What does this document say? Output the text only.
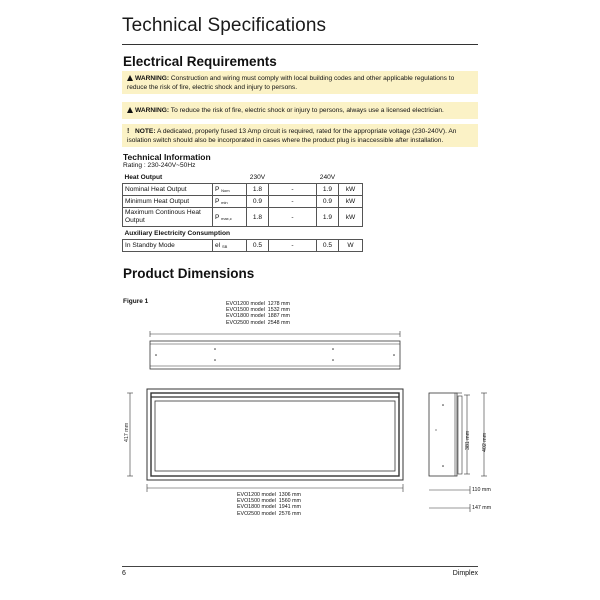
Technical Specifications
Electrical Requirements
WARNING: Construction and wiring must comply with local building codes and other applicable regulations to reduce the risk of fire, electric shock and injury to persons.
WARNING: To reduce the risk of fire, electric shock or injury to persons, always use a licensed electrician.
! NOTE: A dedicated, properly fused 13 Amp circuit is required, rated for the appropriate voltage (230-240V). An isolation switch should also be incorporated in cases where the product plug is inaccessible after installation.
Technical Information
Rating : 230-240V~50Hz
Heat Output		230V		240V	
Nominal Heat Output	P $_{Nom}$	1.8	-	1.9	kW
Minimum Heat Output	P $_{min}$	0.9	-	0.9	kW
Maximum Continous Heat Output	P $_{max,c}$	1.8	-	1.9	kW
Auxiliary Electricity Consumption					
In Standby Mode	el $_{SB}$	0.5	-	0.5	W
Product Dimensions
Figure 1	EVO1200 model  1278 mm
EVO1500 model  1532 mm
EVO1800 model  1887 mm
EVO2500 model  2548 mm
EVO1200 model  1306 mm
EVO1500 model  1560 mm
EVO1800 model  1941 mm
EVO2500 model  2576 mm
417 mm	381 mm 402 mm
110 mm
147 mm
6	Dimplex
